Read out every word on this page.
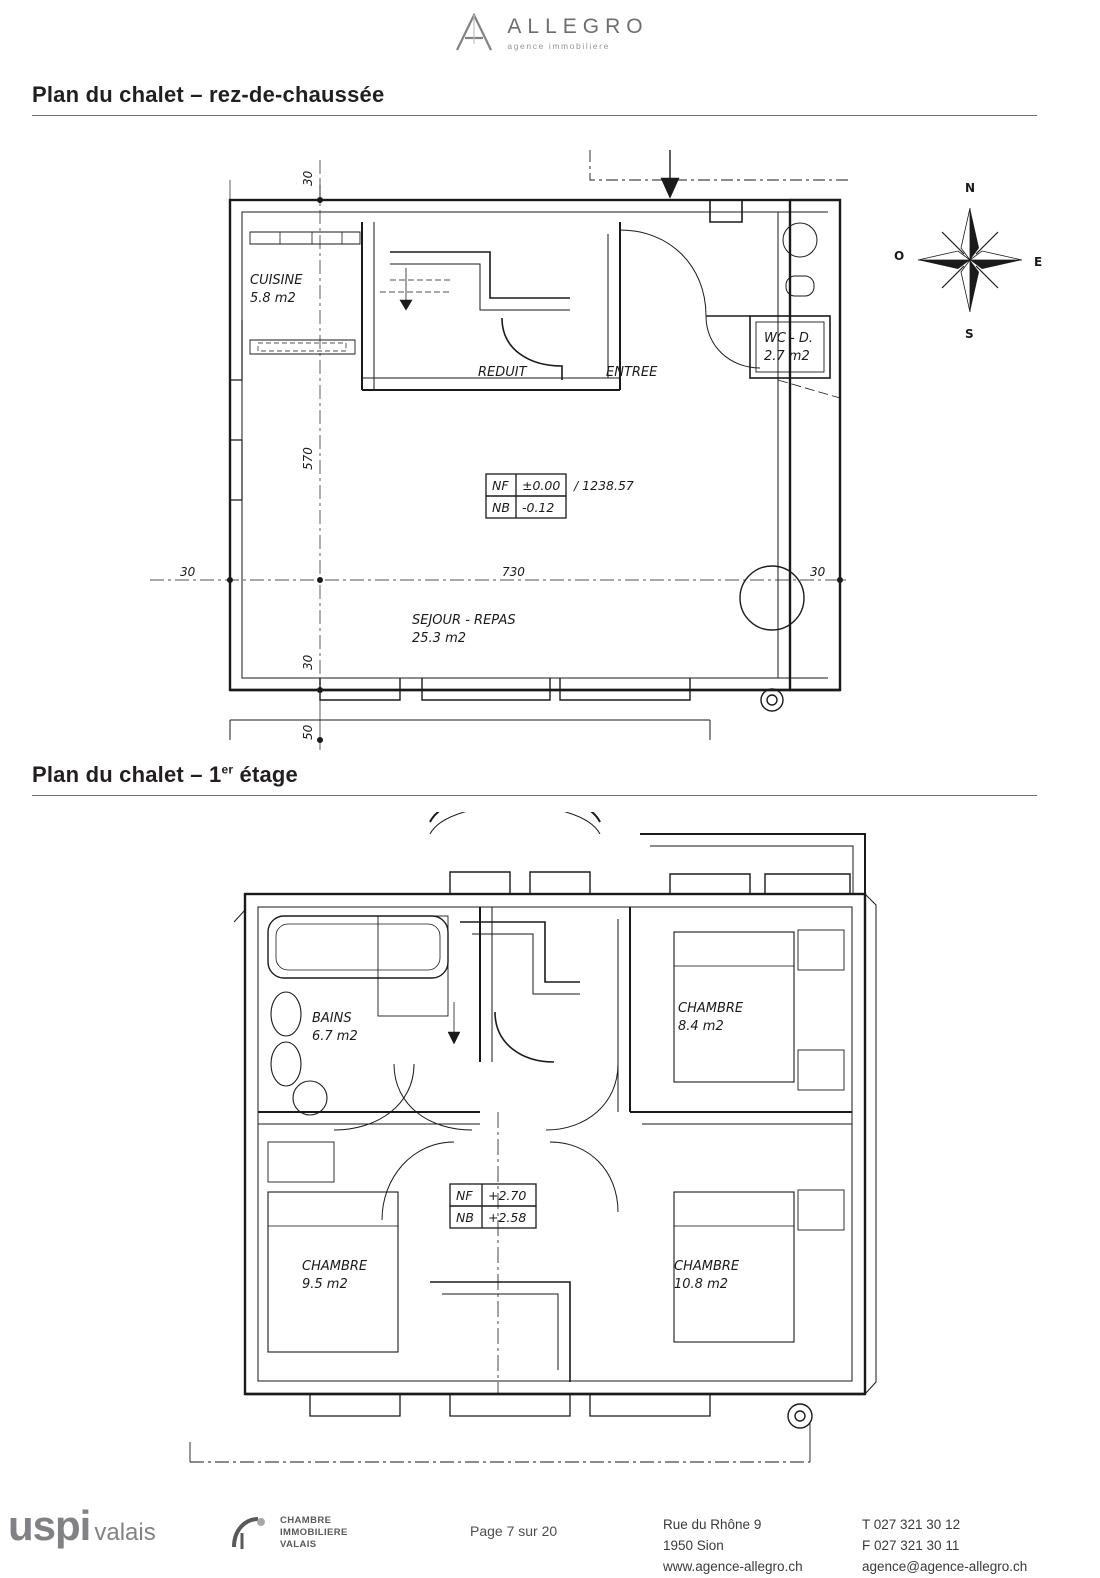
ALLEGRO
agence immobiliere
Plan du chalet – rez-de-chaussée
CUISINE
5.8 m2
REDUIT	ENTREE
WC - D.
2.7 m2
SEJOUR - REPAS
25.3 m2
NF ±0.00 / 1238.57
NB -0.12
30
570
30
50
30	30
730
N
S
E
O
Plan du chalet – 1er étage
BAINS
6.7 m2
CHAMBRE
8.4 m2
CHAMBRE
9.5 m2
CHAMBRE
10.8 m2
NF +2.70
NB +2.58
uspi valais	CHAMBRE
IMMOBILIERE
VALAIS
Page 7 sur 20	Rue du Rhône 9
1950 Sion
www.agence-allegro.ch
T 027 321 30 12
F 027 321 30 11
agence@agence-allegro.ch
